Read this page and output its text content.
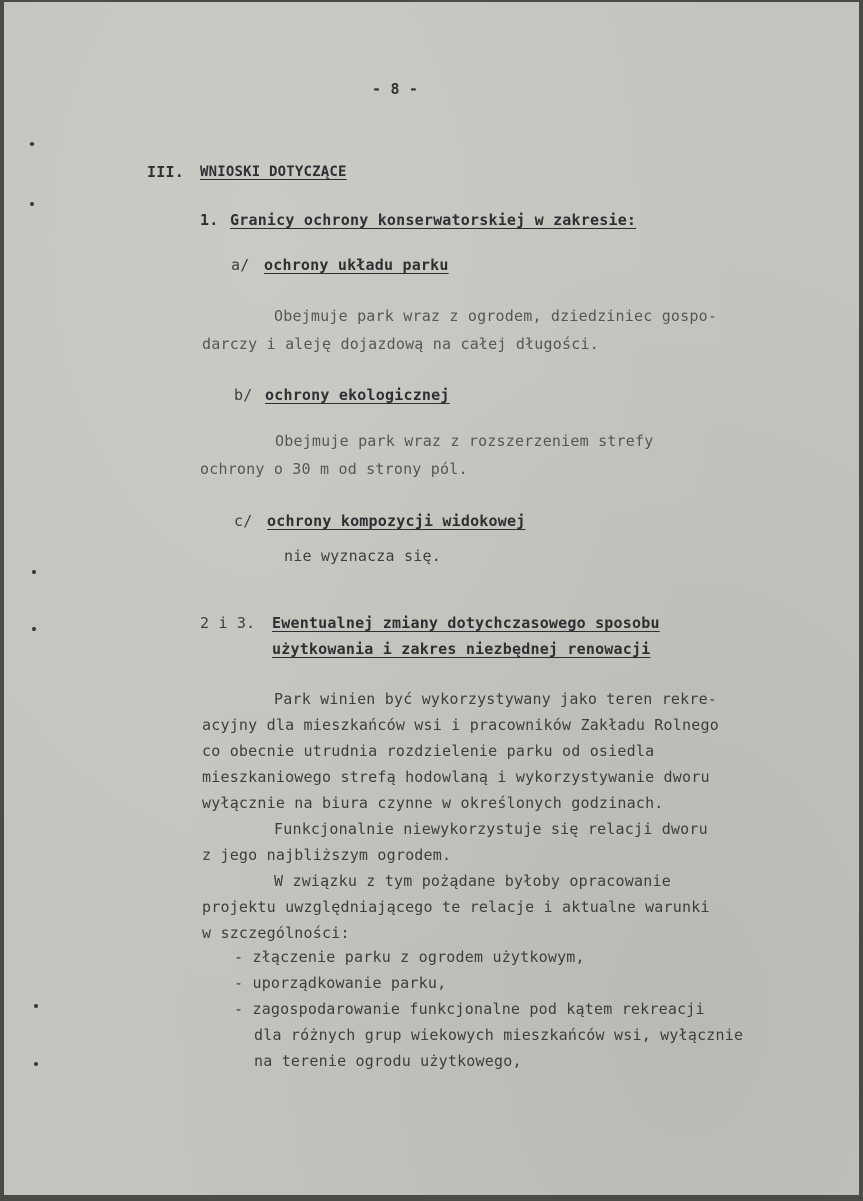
- 8 -
III. WNIOSKI DOTYCZĄCE
1. Granicy ochrony konserwatorskiej w zakresie:
a/ ochrony układu parku
Obejmuje park wraz z ogrodem, dziedziniec gospo-
darczy i aleję dojazdową na całej długości.
b/ ochrony ekologicznej
Obejmuje park wraz z rozszerzeniem strefy
ochrony o 30 m od strony pól.
c/ ochrony kompozycji widokowej
nie wyznacza się.
2 i 3. Ewentualnej zmiany dotychczasowego sposobu
użytkowania i zakres niezbędnej renowacji
Park winien być wykorzystywany jako teren rekre-
acyjny dla mieszkańców wsi i pracowników Zakładu Rolnego
co obecnie utrudnia rozdzielenie parku od osiedla
mieszkaniowego strefą hodowlaną i wykorzystywanie dworu
wyłącznie na biura czynne w określonych godzinach.
Funkcjonalnie niewykorzystuje się relacji dworu
z jego najbliższym ogrodem.
W związku z tym pożądane byłoby opracowanie
projektu uwzględniającego te relacje i aktualne warunki
w szczególności:
- złączenie parku z ogrodem użytkowym,
- uporządkowanie parku,
- zagospodarowanie funkcjonalne pod kątem rekreacji
dla różnych grup wiekowych mieszkańców wsi, wyłącznie
na terenie ogrodu użytkowego,
